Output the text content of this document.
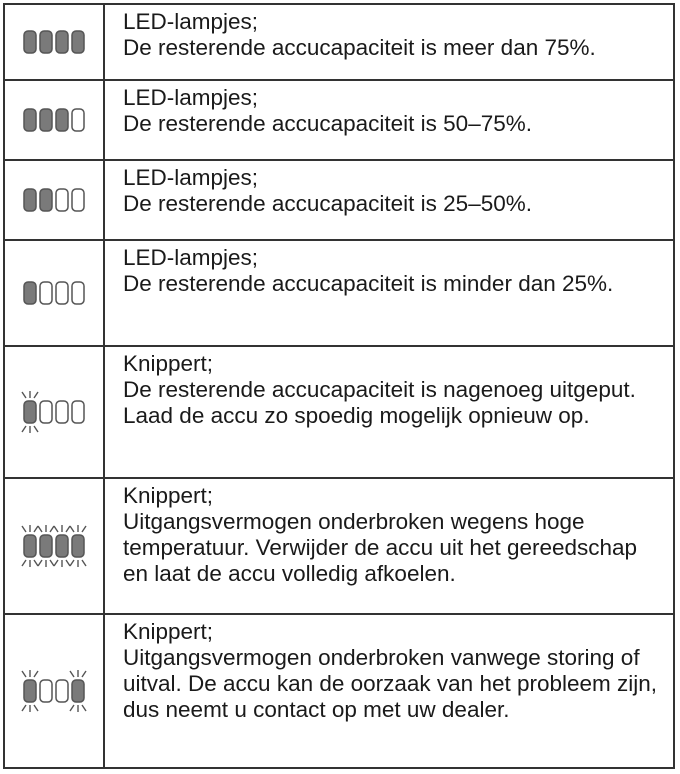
LED-lampjes;
De resterende accucapaciteit is meer dan 75%.
LED-lampjes;
De resterende accucapaciteit is 50–75%.
LED-lampjes;
De resterende accucapaciteit is 25–50%.
LED-lampjes;
De resterende accucapaciteit is minder dan 25%.
Knippert;
De resterende accucapaciteit is nagenoeg uitgeput. Laad de accu zo spoedig mogelijk opnieuw op.
Knippert;
Uitgangsvermogen onderbroken wegens hoge temperatuur. Verwijder de accu uit het gereedschap en laat de accu volledig afkoelen.
Knippert;
Uitgangsvermogen onderbroken vanwege storing of uitval. De accu kan de oorzaak van het probleem zijn, dus neemt u contact op met uw dealer.
